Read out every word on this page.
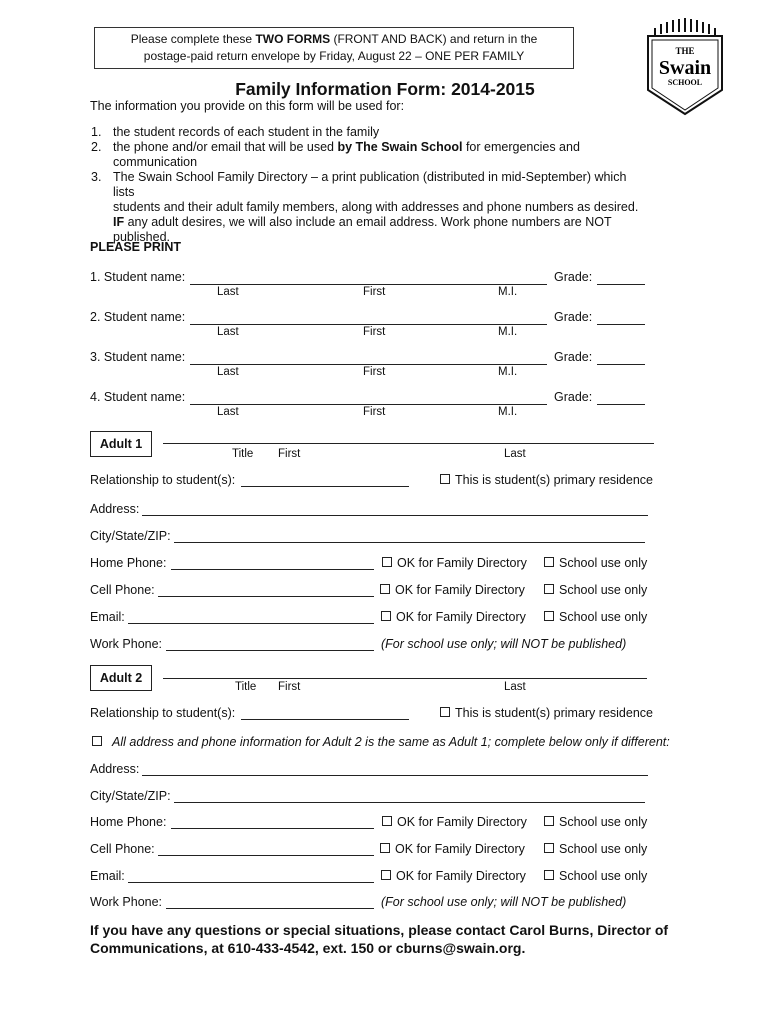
Please complete these TWO FORMS (FRONT AND BACK) and return in the
postage-paid return envelope by Friday, August 22 – ONE PER FAMILY	THE
Swain
SCHOOL
Family Information Form: 2014-2015
The information you provide on this form will be used for:
1. the student records of each student in the family
2. the phone and/or email that will be used by The Swain School for emergencies and
communication
3. The Swain School Family Directory – a print publication (distributed in mid-September) which lists
students and their adult family members, along with addresses and phone numbers as desired.
IF any adult desires, we will also include an email address. Work phone numbers are NOT
published.
PLEASE PRINT
1. Student name:	Grade:
Last	First	M.I.
2. Student name:	Grade:
Last	First	M.I.
3. Student name:	Grade:
Last	First	M.I.
4. Student name:	Grade:
Last	First	M.I.
Adult 1
Title First	Last
Relationship to student(s):	This is student(s) primary residence
Address:
City/State/ZIP:
Home Phone:	OK for Family Directory	School use only
Cell Phone:	OK for Family Directory	School use only
Email:	OK for Family Directory	School use only
Work Phone:	(For school use only; will NOT be published)
Adult 2
Title First	Last
Relationship to student(s):	This is student(s) primary residence
All address and phone information for Adult 2 is the same as Adult 1; complete below only if different:
Address:
City/State/ZIP:
Home Phone:	OK for Family Directory	School use only
Cell Phone:	OK for Family Directory	School use only
Email:	OK for Family Directory	School use only
Work Phone:	(For school use only; will NOT be published)
If you have any questions or special situations, please contact Carol Burns, Director of Communications, at 610-433-4542, ext. 150 or cburns@swain.org.
